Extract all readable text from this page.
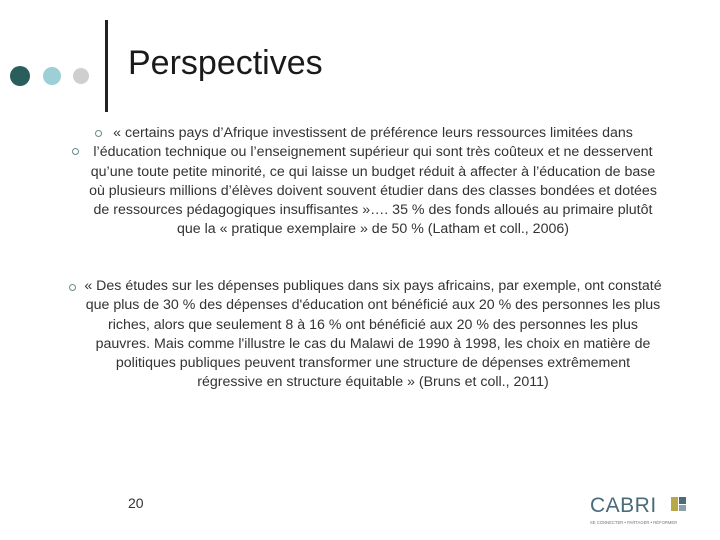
Perspectives
« certains pays d’Afrique investissent de préférence leurs ressources limitées dans l’éducation technique ou l’enseignement supérieur qui sont très coûteux et ne desservent qu’une toute petite minorité, ce qui laisse un budget réduit à affecter à l’éducation de base où plusieurs millions d’élèves doivent souvent étudier dans des classes bondées et dotées de ressources pédagogiques insuffisantes »…. 35 % des fonds alloués au primaire plutôt que la « pratique exemplaire » de 50 % (Latham et coll., 2006)
« Des études sur les dépenses publiques dans six pays africains, par exemple, ont constaté que plus de 30 % des dépenses d'éducation ont bénéficié aux 20 % des personnes les plus riches, alors que seulement 8 à 16 % ont bénéficié aux 20 % des personnes les plus pauvres. Mais comme l'illustre le cas du Malawi de 1990 à 1998, les choix en matière de politiques publiques peuvent transformer une structure de dépenses extrêmement régressive en structure équitable » (Bruns et coll., 2011)
20	CABRI
SE CONNECTER • PARTAGER • RÉFORMER
